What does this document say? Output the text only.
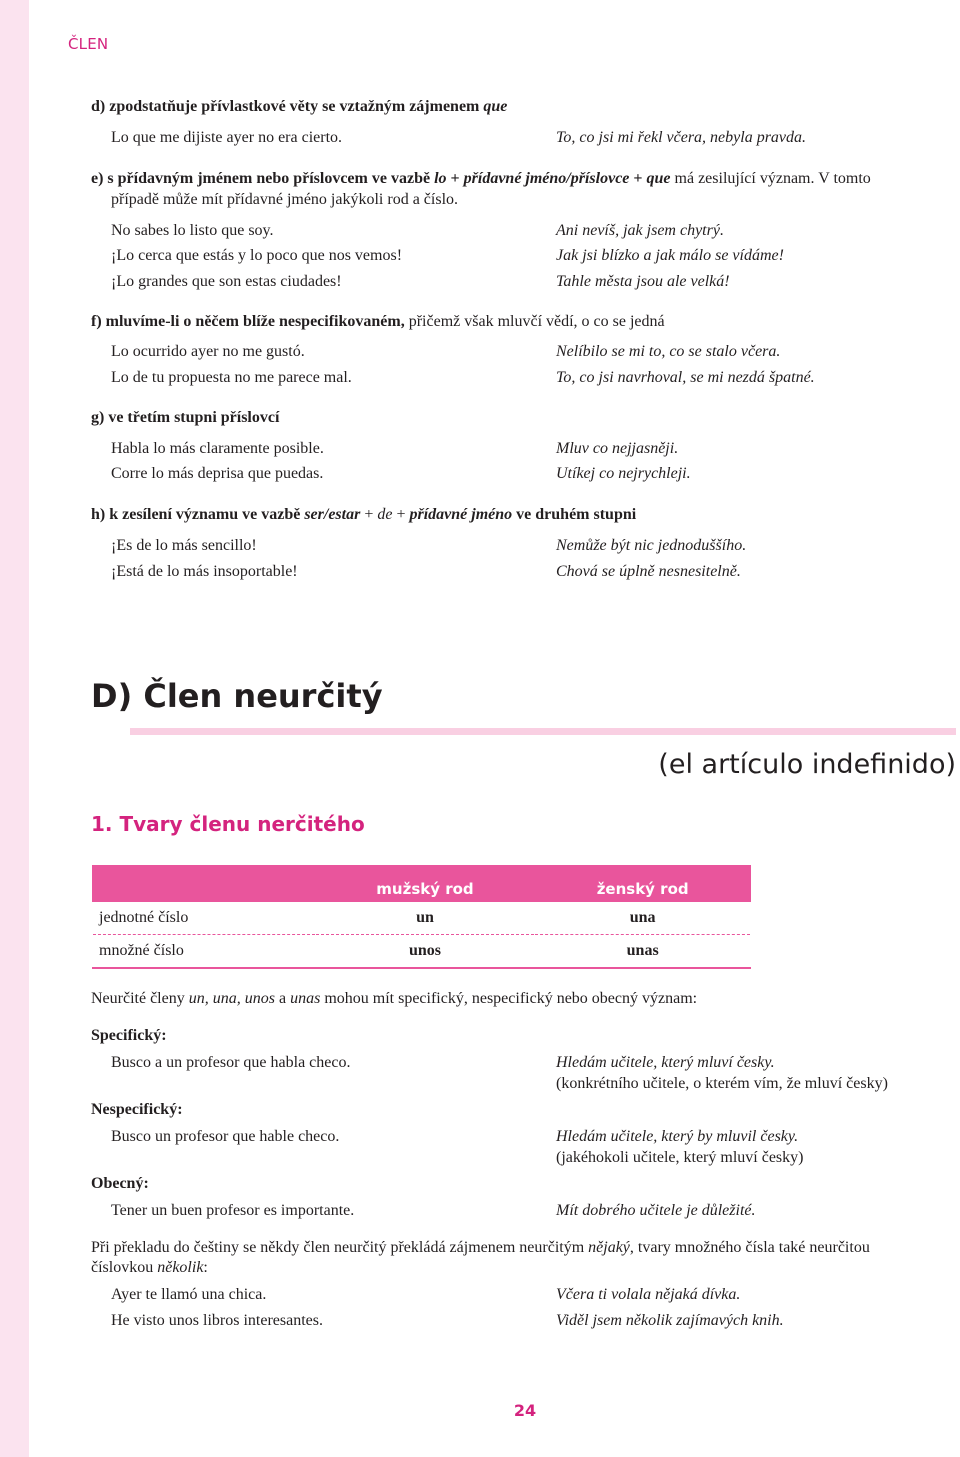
ČLEN
d) zpodstatňuje přívlastkové věty se vztažným zájmenem que
Lo que me dijiste ayer no era cierto.	To, co jsi mi řekl včera, nebyla pravda.
e) s přídavným jménem nebo příslovcem ve vazbě lo + přídavné jméno/příslovce + que má zesilující význam. V tomto
případě může mít přídavné jméno jakýkoli rod a číslo.
No sabes lo listo que soy.	Ani nevíš, jak jsem chytrý.
¡Lo cerca que estás y lo poco que nos vemos!	Jak jsi blízko a jak málo se vídáme!
¡Lo grandes que son estas ciudades!	Tahle města jsou ale velká!
f) mluvíme-li o něčem blíže nespecifikovaném, přičemž však mluvčí vědí, o co se jedná
Lo ocurrido ayer no me gustó.	Nelíbilo se mi to, co se stalo včera.
Lo de tu propuesta no me parece mal.	To, co jsi navrhoval, se mi nezdá špatné.
g) ve třetím stupni příslovcí
Habla lo más claramente posible.	Mluv co nejjasněji.
Corre lo más deprisa que puedas.	Utíkej co nejrychleji.
h) k zesílení významu ve vazbě ser/estar + de + přídavné jméno ve druhém stupni
¡Es de lo más sencillo!	Nemůže být nic jednoduššího.
¡Está de lo más insoportable!	Chová se úplně nesnesitelně.
D) Člen neurčitý
(el artículo indefinido)
1. Tvary členu nerčitého
	mužský rod	ženský rod
jednotné číslo	un	una
množné číslo	unos	unas
Neurčité členy un, una, unos a unas mohou mít specifický, nespecifický nebo obecný význam:
Specifický:
Busco a un profesor que habla checo.	Hledám učitele, který mluví česky.
(konkrétního učitele, o kterém vím, že mluví česky)
Nespecifický:
Busco un profesor que hable checo.	Hledám učitele, který by mluvil česky.
(jakéhokoli učitele, který mluví česky)
Obecný:
Tener un buen profesor es importante.	Mít dobrého učitele je důležité.
Při překladu do češtiny se někdy člen neurčitý překládá zájmenem neurčitým nějaký, tvary množného čísla také neurčitou
číslovkou několik:
Ayer te llamó una chica.	Včera ti volala nějaká dívka.
He visto unos libros interesantes.	Viděl jsem několik zajímavých knih.
24
